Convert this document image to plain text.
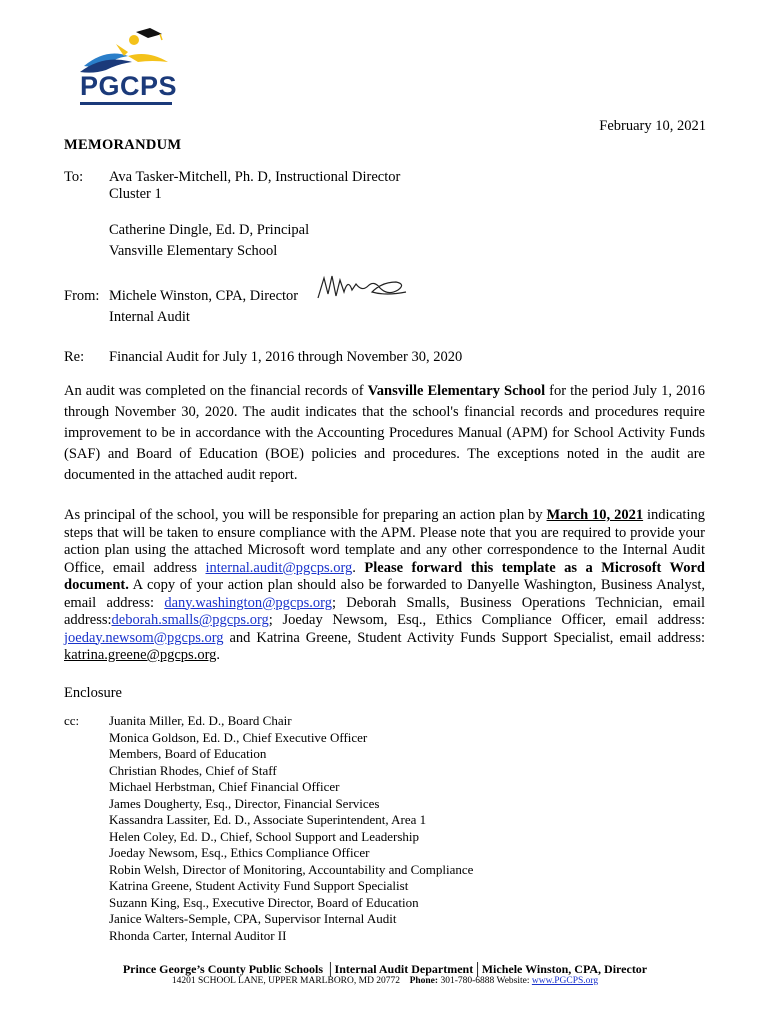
PGCPS
February 10, 2021
MEMORANDUM
To: Ava Tasker-Mitchell, Ph. D, Instructional Director
Cluster 1
Catherine Dingle, Ed. D, Principal
Vansville Elementary School
From: Michele Winston, CPA, Director
Internal Audit
Re: Financial Audit for July 1, 2016 through November 30, 2020
An audit was completed on the financial records of Vansville Elementary School for the period July 1, 2016 through November 30, 2020. The audit indicates that the school's financial records and procedures require improvement to be in accordance with the Accounting Procedures Manual (APM) for School Activity Funds (SAF) and Board of Education (BOE) policies and procedures. The exceptions noted in the audit are documented in the attached audit report.
As principal of the school, you will be responsible for preparing an action plan by March 10, 2021 indicating steps that will be taken to ensure compliance with the APM. Please note that you are required to provide your action plan using the attached Microsoft word template and any other correspondence to the Internal Audit Office, email address internal.audit@pgcps.org. Please forward this template as a Microsoft Word document. A copy of your action plan should also be forwarded to Danyelle Washington, Business Analyst, email address: dany.washington@pgcps.org; Deborah Smalls, Business Operations Technician, email address:deborah.smalls@pgcps.org; Joeday Newsom, Esq., Ethics Compliance Officer, email address: joeday.newsom@pgcps.org and Katrina Greene, Student Activity Funds Support Specialist, email address: katrina.greene@pgcps.org.
Enclosure
cc: Juanita Miller, Ed. D., Board Chair
Monica Goldson, Ed. D., Chief Executive Officer
Members, Board of Education
Christian Rhodes, Chief of Staff
Michael Herbstman, Chief Financial Officer
James Dougherty, Esq., Director, Financial Services
Kassandra Lassiter, Ed. D., Associate Superintendent, Area 1
Helen Coley, Ed. D., Chief, School Support and Leadership
Joeday Newsom, Esq., Ethics Compliance Officer
Robin Welsh, Director of Monitoring, Accountability and Compliance
Katrina Greene, Student Activity Fund Support Specialist
Suzann King, Esq., Executive Director, Board of Education
Janice Walters-Semple, CPA, Supervisor Internal Audit
Rhonda Carter, Internal Auditor II
Prince George’s County Public Schools │Internal Audit Department│Michele Winston, CPA, Director
14201 SCHOOL LANE, UPPER MARLBORO, MD 20772 Phone: 301-780-6888 Website: www.PGCPS.org
